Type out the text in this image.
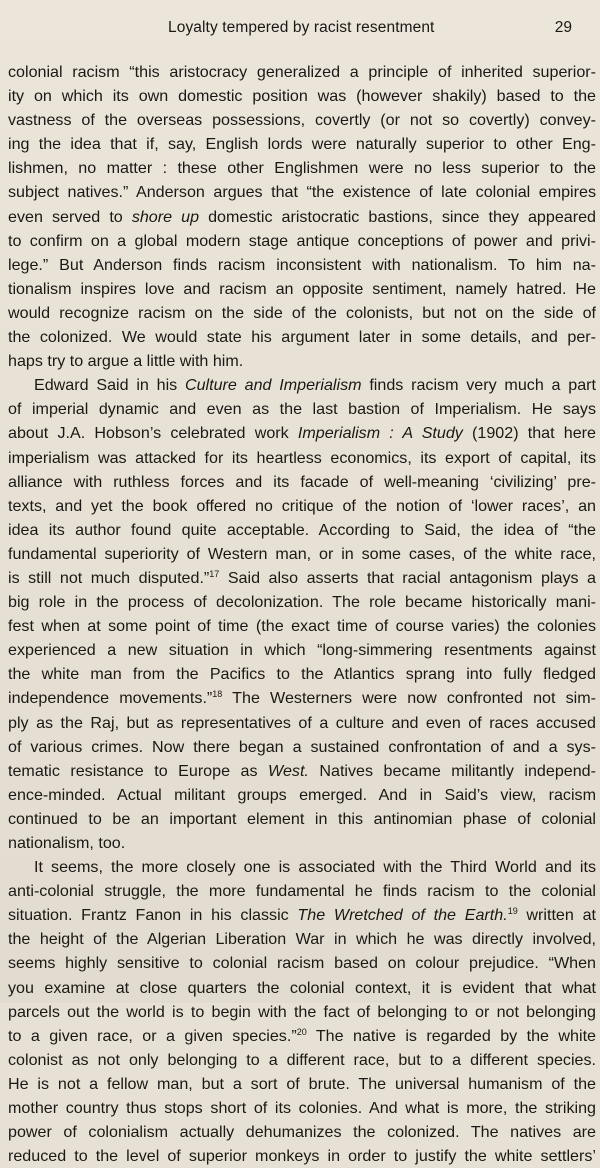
Loyalty tempered by racist resentment	29
colonial racism “this aristocracy generalized a principle of inherited superior-
ity on which its own domestic position was (however shakily) based to the
vastness of the overseas possessions, covertly (or not so covertly) convey-
ing the idea that if, say, English lords were naturally superior to other Eng-
lishmen, no matter : these other Englishmen were no less superior to the
subject natives.” Anderson argues that “the existence of late colonial empires
even served to shore up domestic aristocratic bastions, since they appeared
to confirm on a global modern stage antique conceptions of power and privi-
lege.” But Anderson finds racism inconsistent with nationalism. To him na-
tionalism inspires love and racism an opposite sentiment, namely hatred. He
would recognize racism on the side of the colonists, but not on the side of
the colonized. We would state his argument later in some details, and per-
haps try to argue a little with him.
Edward Said in his Culture and Imperialism finds racism very much a part
of imperial dynamic and even as the last bastion of Imperialism. He says
about J.A. Hobson’s celebrated work Imperialism : A Study (1902) that here
imperialism was attacked for its heartless economics, its export of capital, its
alliance with ruthless forces and its facade of well-meaning ‘civilizing’ pre-
texts, and yet the book offered no critique of the notion of ‘lower races’, an
idea its author found quite acceptable. According to Said, the idea of “the
fundamental superiority of Western man, or in some cases, of the white race,
is still not much disputed.”$^{17}$ Said also asserts that racial antagonism plays a
big role in the process of decolonization. The role became historically mani-
fest when at some point of time (the exact time of course varies) the colonies
experienced a new situation in which “long-simmering resentments against
the white man from the Pacifics to the Atlantics sprang into fully fledged
independence movements.”$^{18}$ The Westerners were now confronted not sim-
ply as the Raj, but as representatives of a culture and even of races accused
of various crimes. Now there began a sustained confrontation of and a sys-
tematic resistance to Europe as West. Natives became militantly independ-
ence-minded. Actual militant groups emerged. And in Said’s view, racism
continued to be an important element in this antinomian phase of colonial
nationalism, too.
It seems, the more closely one is associated with the Third World and its
anti-colonial struggle, the more fundamental he finds racism to the colonial
situation. Frantz Fanon in his classic The Wretched of the Earth.$^{19}$ written at
the height of the Algerian Liberation War in which he was directly involved,
seems highly sensitive to colonial racism based on colour prejudice. “When
you examine at close quarters the colonial context, it is evident that what
parcels out the world is to begin with the fact of belonging to or not belonging
to a given race, or a given species.”$^{20}$ The native is regarded by the white
colonist as not only belonging to a different race, but to a different species.
He is not a fellow man, but a sort of brute. The universal humanism of the
mother country thus stops short of its colonies. And what is more, the striking
power of colonialism actually dehumanizes the colonized. The natives are
reduced to the level of superior monkeys in order to justify the white settlers’
